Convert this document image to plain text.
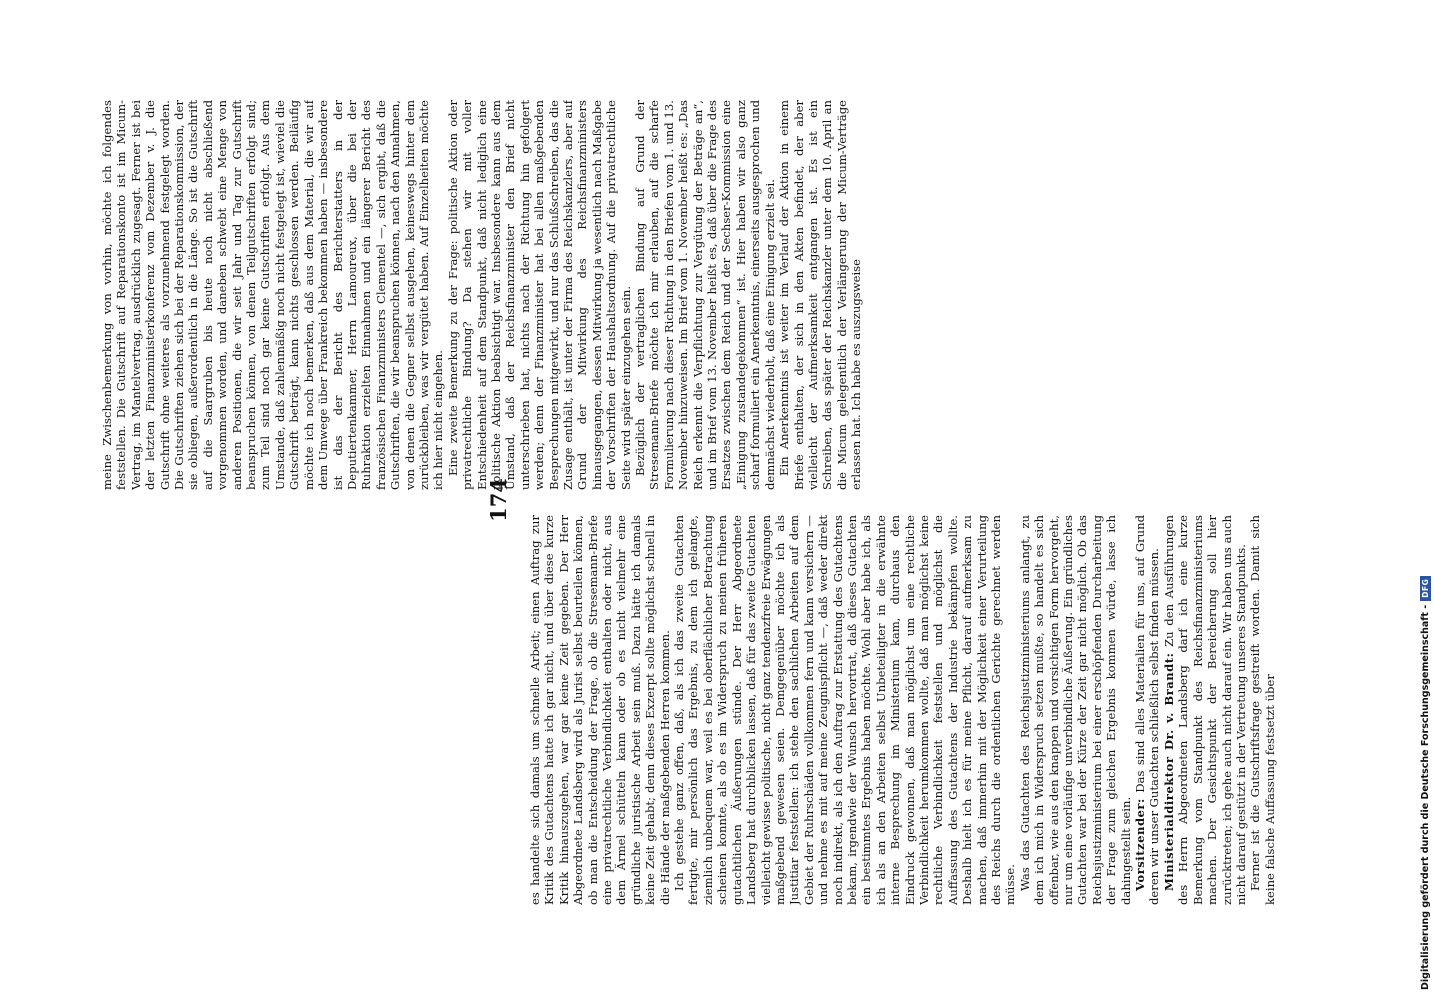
174

es handelte sich damals um schnelle Arbeit; einen Auftrag zur Kritik des Gutachtens hatte ich gar nicht, und über diese kurze Kritik hinauszugehen, war gar keine Zeit gegeben. Der Herr Abgeordnete Landsberg wird als Jurist selbst beurteilen können, ob man die Entscheidung der Frage, ob die Stresemann-Briefe eine privatrechtliche Verbindlichkeit enthalten oder nicht, aus dem Ärmel schütteln kann oder ob es nicht vielmehr eine gründliche juristische Arbeit sein muß. Dazu hätte ich damals keine Zeit gehabt; denn dieses Exzerpt sollte möglichst schnell in die Hände der maßgebenden Herren kommen. Ich gestehe ganz offen, daß, als ich das zweite Gutachten fertigte, mir persönlich das Ergebnis, zu dem ich gelangte, ziemlich unbequem war, weil es bei oberflächlicher Betrachtung scheinen konnte, als ob es im Widerspruch zu meinen früheren gutachtlichen Äußerungen stünde. Der Herr Abgeordnete Landsberg hat durchblicken lassen, daß für das zweite Gutachten vielleicht gewisse politische, nicht ganz tendenzfreie Erwägungen maßgebend gewesen seien. Demgegenüber möchte ich als Justitiar feststellen: ich stehe den sachlichen Arbeiten auf dem Gebiet der Ruhrschäden vollkommen fern und kann versichern — und nehme es mit auf meine Zeugnispflicht —, daß weder direkt noch indirekt, als ich den Auftrag zur Erstattung des Gutachtens bekam, irgendwie der Wunsch hervortrat, daß dieses Gutachten ein bestimmtes Ergebnis haben möchte. Wohl aber habe ich, als ich als an den Arbeiten selbst Unbeteiligter in die erwähnte interne Besprechung im Ministerium kam, durchaus den Eindruck gewonnen, daß man möglichst um eine rechtliche Verbindlichkeit herumkommen wollte, daß man möglichst keine rechtliche Verbindlichkeit feststellen und möglichst die Auffassung des Gutachtens der Industrie bekämpfen wollte. Deshalb hielt ich es für meine Pflicht, darauf aufmerksam zu machen, daß immerhin mit der Möglichkeit einer Verurteilung des Reichs durch die ordentlichen Gerichte gerechnet werden müsse. Was das Gutachten des Reichsjustizministeriums anlangt, zu dem ich mich in Widerspruch setzen mußte, so handelt es sich offenbar, wie aus den knappen und vorsichtigen Form hervorgeht, nur um eine vorläufige unverbindliche Äußerung. Ein gründliches Gutachten war bei der Kürze der Zeit gar nicht möglich. Ob das Reichsjustizministerium bei einer erschöpfenden Durcharbeitung der Frage zum gleichen Ergebnis kommen würde, lasse ich dahingestellt sein. Vorsitzender: Das sind alles Materialien für uns, auf Grund deren wir unser Gutachten schließlich selbst finden müssen. Ministerialdirektor Dr. v. Brandt: Zu den Ausführungen des Herrn Abgeordneten Landsberg darf ich eine kurze Bemerkung vom Standpunkt des Reichsfinanzministeriums machen. Der Gesichtspunkt der Bereicherung soll hier zurücktreten; ich gehe auch nicht darauf ein. Wir haben uns auch nicht darauf gestützt in der Vertretung unseres Standpunkts. Ferner ist die Gutschriftsfrage gestreift worden. Damit sich keine falsche Auffassung festsetzt über

meine Zwischenbemerkung von vorhin, möchte ich folgendes feststellen. Die Gutschrift auf Reparationskonto ist im Micum-Vertrag, im Mantelvertrag, ausdrücklich zugesagt. Ferner ist bei der letzten Finanzministerkonferenz vom Dezember v. J. die Gutschrift ohne weiteres als vorzunehmend festgelegt worden. Die Gutschriften ziehen sich bei der Reparationskommission, der sie obliegen, außerordentlich in die Länge. So ist die Gutschrift auf die Saargruben bis heute noch nicht abschließend vorgenommen worden, und daneben schwebt eine Menge von anderen Positionen, die wir seit Jahr und Tag zur Gutschrift beanspruchen können, von denen Teilgutschriften erfolgt sind; zum Teil sind noch gar keine Gutschriften erfolgt. Aus dem Umstande, daß zahlenmäßig noch nicht festgelegt ist, wieviel die Gutschrift beträgt, kann nichts geschlossen werden. Beiläufig möchte ich noch bemerken, daß aus dem Material, die wir auf dem Umwege über Frankreich bekommen haben — insbesondere ist das der Bericht des Berichterstatters in der Deputiertenkammer, Herrn Lamoureux, über die bei der Ruhraktion erzielten Einnahmen und ein längerer Bericht des französischen Finanzministers Clementel —, sich ergibt, daß die Gutschriften, die wir beanspruchen können, nach den Annahmen, von denen die Gegner selbst ausgehen, keineswegs hinter dem zurückbleiben, was wir vergütet haben. Auf Einzelheiten möchte ich hier nicht eingehen. Eine zweite Bemerkung zu der Frage: politische Aktion oder privatrechtliche Bindung? Da stehen wir mit voller Entschiedenheit auf dem Standpunkt, daß nicht lediglich eine politische Aktion beabsichtigt war. Insbesondere kann aus dem Umstand, daß der Reichsfinanzminister den Brief nicht unterschrieben hat, nichts nach der Richtung hin gefolgert werden; denn der Finanzminister hat bei allen maßgebenden Besprechungen mitgewirkt, und nur das Schlußschreiben, das die Zusage enthält, ist unter der Firma des Reichskanzlers, aber auf Grund der Mitwirkung des Reichsfinanzministers hinausgegangen, dessen Mitwirkung ja wesentlich nach Maßgabe der Vorschriften der Haushaltsordnung. Auf die privatrechtliche Seite wird später einzugehen sein. Bezüglich der vertraglichen Bindung auf Grund der Stresemann-Briefe möchte ich mir erlauben, auf die scharfe Formulierung nach dieser Richtung in den Briefen vom 1. und 13. November hinzuweisen. Im Brief vom 1. November heißt es: „Das Reich erkennt die Verpflichtung zur Vergütung der Beträge an“, und im Brief vom 13. November heißt es, daß über die Frage des Ersatzes zwischen dem Reich und der Sechser-Kommission eine „Einigung zustandegekommen“ ist. Hier haben wir also ganz scharf formuliert ein Anerkenntnis, einerseits ausgesprochen und demnächst wiederholt, daß eine Einigung erzielt sei. Ein Anerkenntnis ist weiter im Verlauf der Aktion in einem Briefe enthalten, der sich in den Akten befindet, der aber vielleicht der Aufmerksamkeit entgangen ist. Es ist ein Schreiben, das später der Reichskanzler unter dem 10. April an die Micum gelegentlich der Verlängerung der Micum-Verträge erlassen hat. Ich habe es auszugsweise

Digitalisierung gefördert durch die Deutsche Forschungsgemeinschaft -
DFG
